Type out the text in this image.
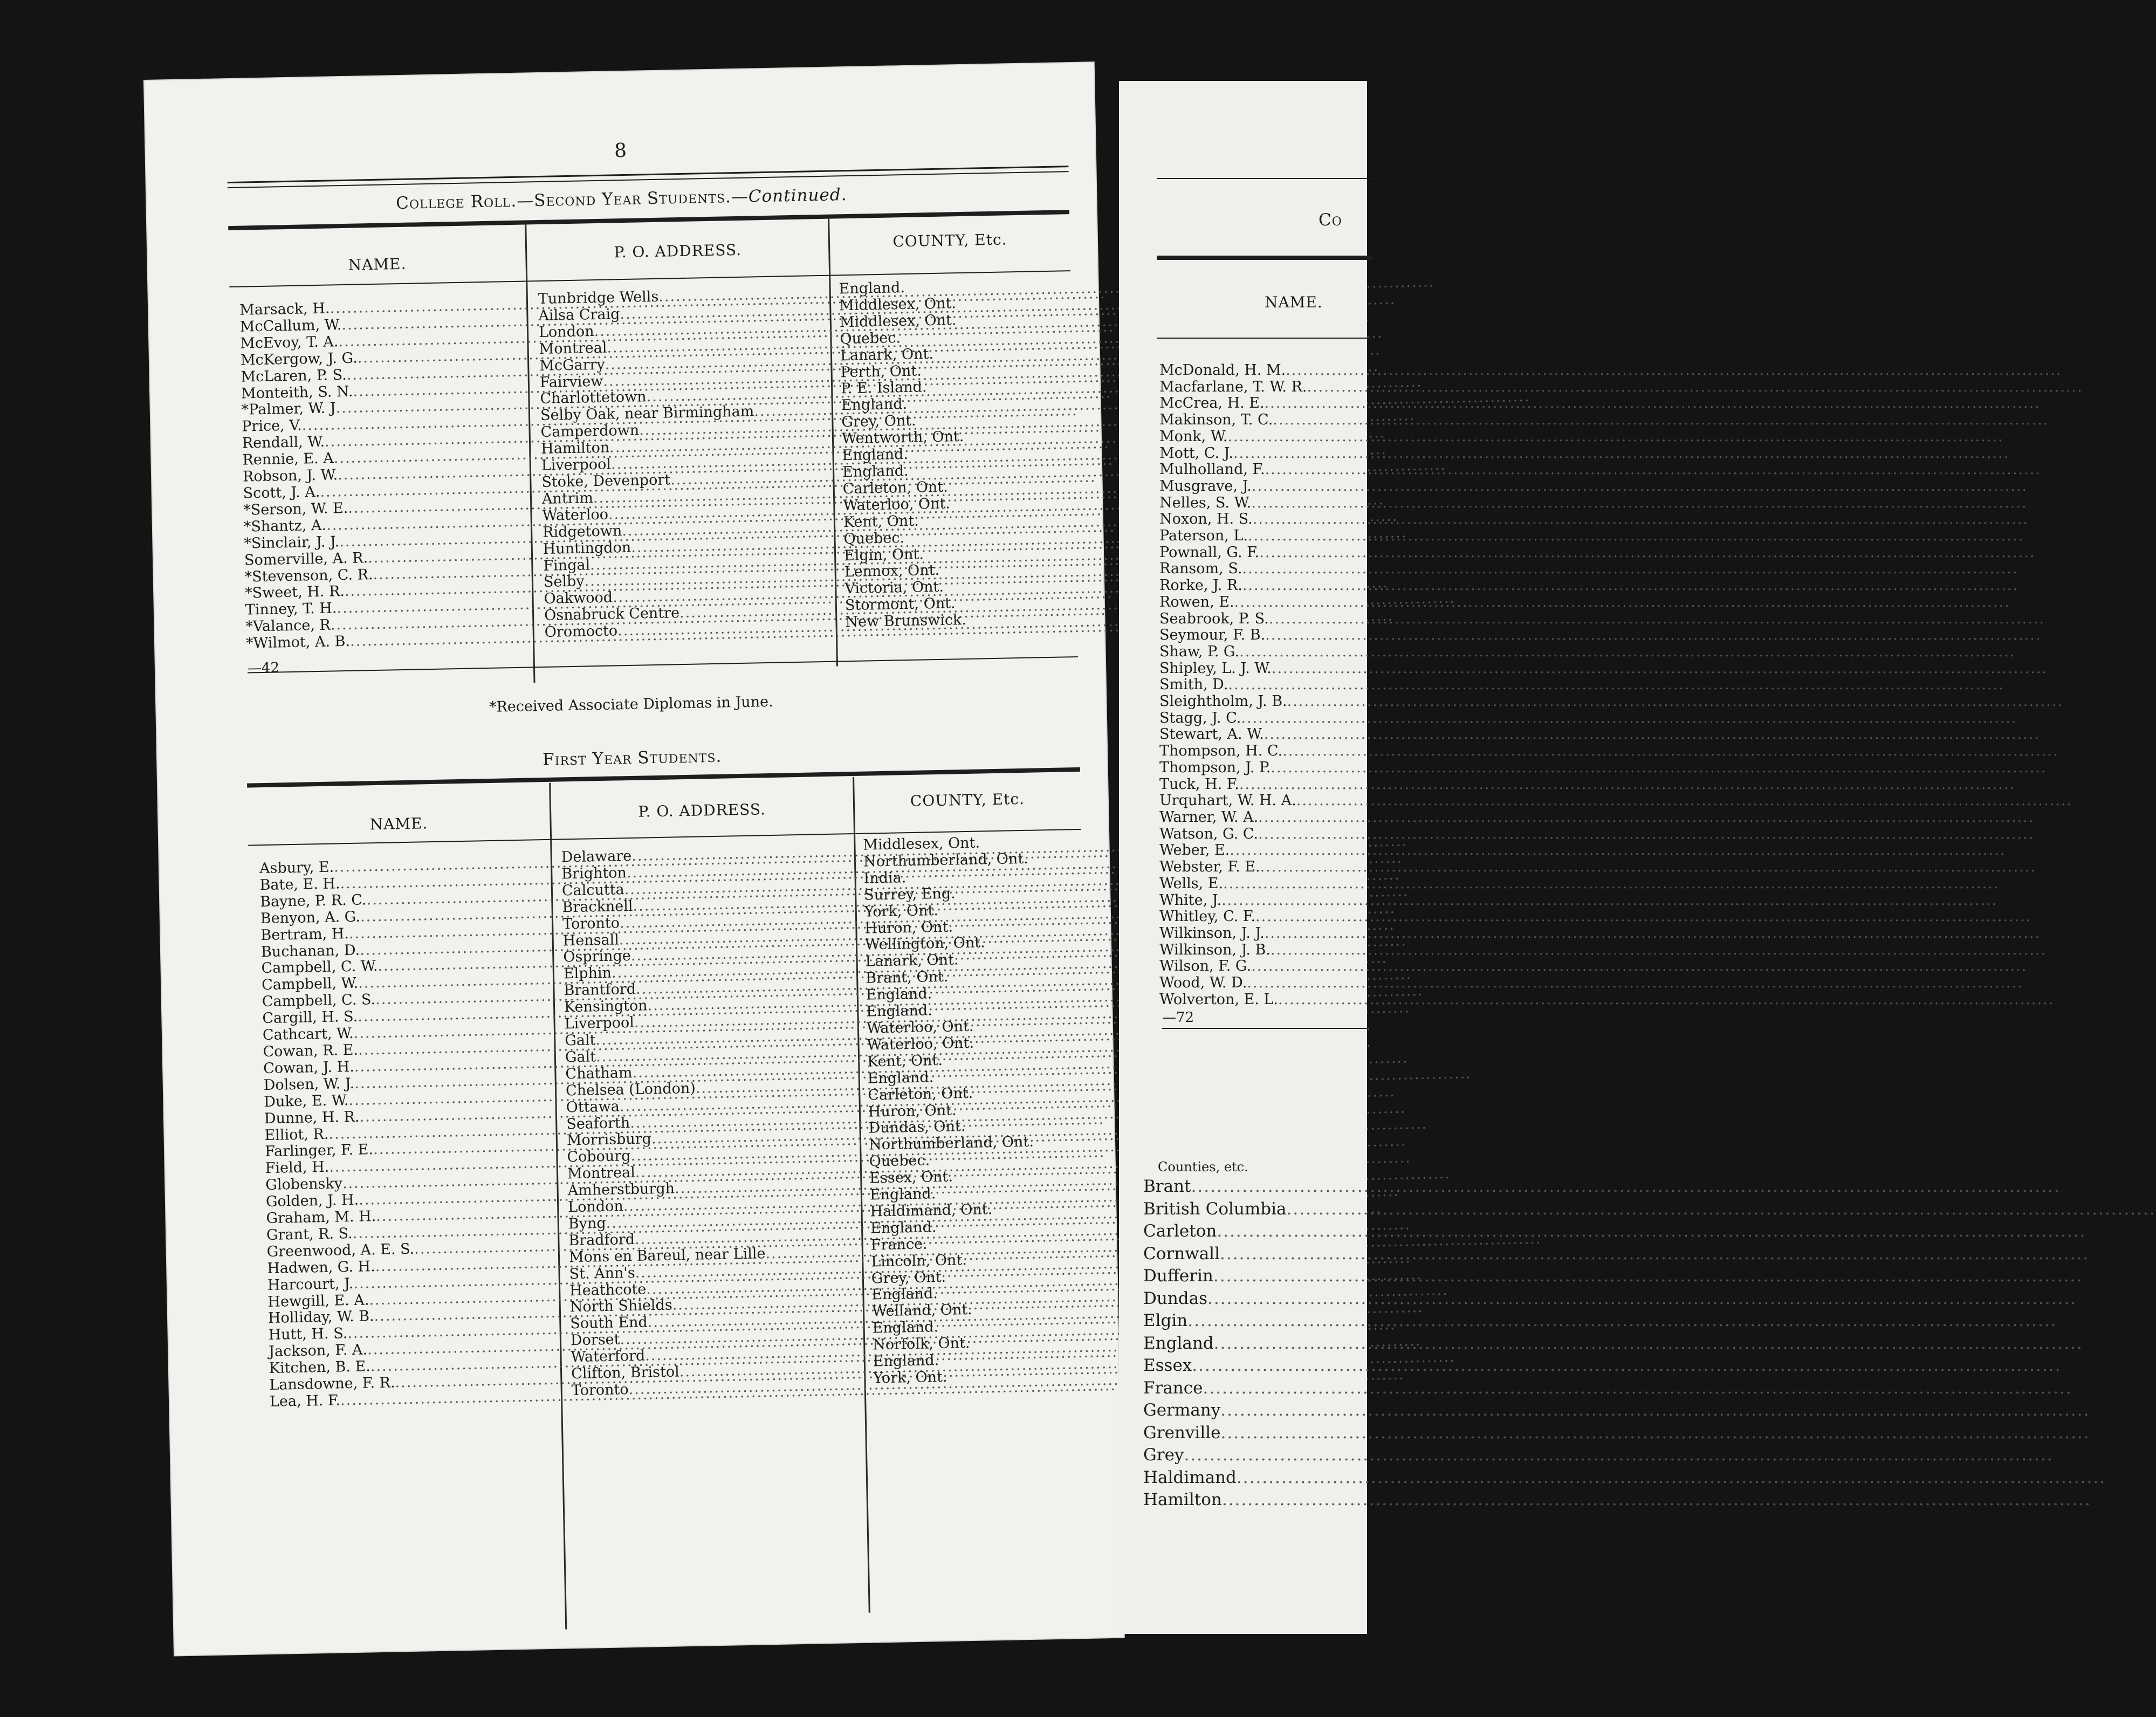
8
College Roll.—Second Year Students.—Continued.
NAME.
P. O. ADDRESS.
COUNTY, Etc.
Marsack, H.
.....
McCallum, W.
.....
McEvoy, T. A.
.....
McKergow, J. G.
.....
McLaren, P. S.
.....
Monteith, S. N.
.....
*Palmer, W. J
.....
Price, V.
.....
Rendall, W.
.....
Rennie, E. A
.....
Robson, J. W.
.....
Scott, J. A.
.....
*Serson, W. E.
.....
*Shantz, A.
.....
*Sinclair, J. J.
.....
Somerville, A. R.
.....
*Stevenson, C. R.
.....
*Sweet, H. R.
.....
Tinney, T. H.
.....
*Valance, R
.....
*Wilmot, A. B.
.....
Tunbridge Wells
.....
Ailsa Craig
.....
London
.....
Montreal
.....
McGarry
.....
Fairview
.....
Charlottetown
.....
Selby Oak, near Birmingham
.....
Camperdown
.....
Hamilton
.....
Liverpool
.....
Stoke, Devenport
.....
Antrim
.....
Waterloo
.....
Ridgetown
.....
Huntingdon
.....
Fingal
.....
Selby
.....
Oakwood
.....
Osnabruck Centre
.....
Oromocto
.....
England.
Middlesex, Ont.
Middlesex, Ont.
Quebec.
Lanark, Ont.
Perth, Ont.
P. E. Island.
England.
Grey, Ont.
Wentworth, Ont.
England.
England.
Carleton, Ont.
Waterloo, Ont.
Kent, Ont.
Quebec.
Elgin, Ont.
Lennox, Ont.
Victoria, Ont.
Stormont, Ont.
New Brunswick.
—42
*Received Associate Diplomas in June.
First Year Students.
NAME.
P. O. ADDRESS.
COUNTY, Etc.
Asbury, E.
.....
Bate, E. H.
.....
Bayne, P. R. C.
.....
Benyon, A. G.
.....
Bertram, H.
.....
Buchanan, D.
.....
Campbell, C. W.
.....
Campbell, W.
.....
Campbell, C. S.
.....
Cargill, H. S.
.....
Cathcart, W.
.....
Cowan, R. E.
.....
Cowan, J. H.
.....
Dolsen, W. J.
.....
Duke, E. W.
.....
Dunne, H. R.
.....
Elliot, R.
.....
Farlinger, F. E.
.....
Field, H.
.....
Globensky
.....
Golden, J. H.
.....
Graham, M. H.
.....
Grant, R. S.
.....
Greenwood, A. E. S.
.....
Hadwen, G. H.
.....
Harcourt, J.
.....
Hewgill, E. A.
.....
Holliday, W. B.
.....
Hutt, H. S.
.....
Jackson, F. A.
.....
Kitchen, B. E.
.....
Lansdowne, F. R.
.....
Lea, H. F.
.....
Delaware
.....
Brighton
.....
Calcutta
.....
Bracknell
.....
Toronto
.....
Hensall
.....
Ospringe
.....
Elphin
.....
Brantford
.....
Kensington
.....
Liverpool
.....
Galt
.....
Galt
.....
Chatham
.....
Chelsea (London)
.....
Ottawa
.....
Seaforth
.....
Morrisburg
.....
Cobourg
.....
Montreal
.....
Amherstburgh
.....
London
.....
Byng
.....
Bradford
.....
Mons en Bareul, near Lille
.....
St. Ann's
.....
Heathcote
.....
North Shields
.....
South End
.....
Dorset
.....
Waterford
.....
Clifton, Bristol
.....
Toronto
.....
Middlesex, Ont.
Northumberland, Ont.
India.
Surrey, Eng.
York, Ont.
Huron, Ont.
Wellington, Ont.
Lanark, Ont.
Brant, Ont.
England.
England.
Waterloo, Ont.
Waterloo, Ont.
Kent, Ont.
England.
Carleton, Ont.
Huron, Ont.
Dundas, Ont.
Northumberland, Ont.
Quebec.
Essex, Ont.
England.
Haldimand, Ont.
England.
France.
Lincoln, Ont.
Grey, Ont.
England.
Welland, Ont.
England.
Norfolk, Ont.
England.
York, Ont.
Co
NAME.
McDonald, H. M.
.....
Macfarlane, T. W. R.
.....
McCrea, H. E.
.....
Makinson, T. C.
.....
Monk, W.
.....
Mott, C. J.
.....
Mulholland, F.
.....
Musgrave, J.
.....
Nelles, S. W.
.....
Noxon, H. S.
.....
Paterson, L.
.....
Pownall, G. F.
.....
Ransom, S.
.....
Rorke, J. R.
.....
Rowen, E.
.....
Seabrook, P. S.
.....
Seymour, F. B.
.....
Shaw, P. G.
.....
Shipley, L. J. W.
.....
Smith, D.
.....
Sleightholm, J. B.
.....
Stagg, J. C.
.....
Stewart, A. W.
.....
Thompson, H. C.
.....
Thompson, J. P.
.....
Tuck, H. F.
.....
Urquhart, W. H. A.
.....
Warner, W. A.
.....
Watson, G. C.
.....
Weber, E.
.....
Webster, F. E.
.....
Wells, E.
.....
White, J.
.....
Whitley, C. F.
.....
Wilkinson, J. J.
.....
Wilkinson, J. B.
.....
Wilson, F. G.
.....
Wood, W. D.
.....
Wolverton, E. L.
.....
—72
Counties, etc.
Brant
.....
British Columbia
.....
Carleton
.....
Cornwall
.....
Dufferin
.....
Dundas
.....
Elgin
.....
England
.....
Essex
.....
France
.....
Germany
.....
Grenville
.....
Grey
.....
Haldimand
.....
Hamilton
.....
